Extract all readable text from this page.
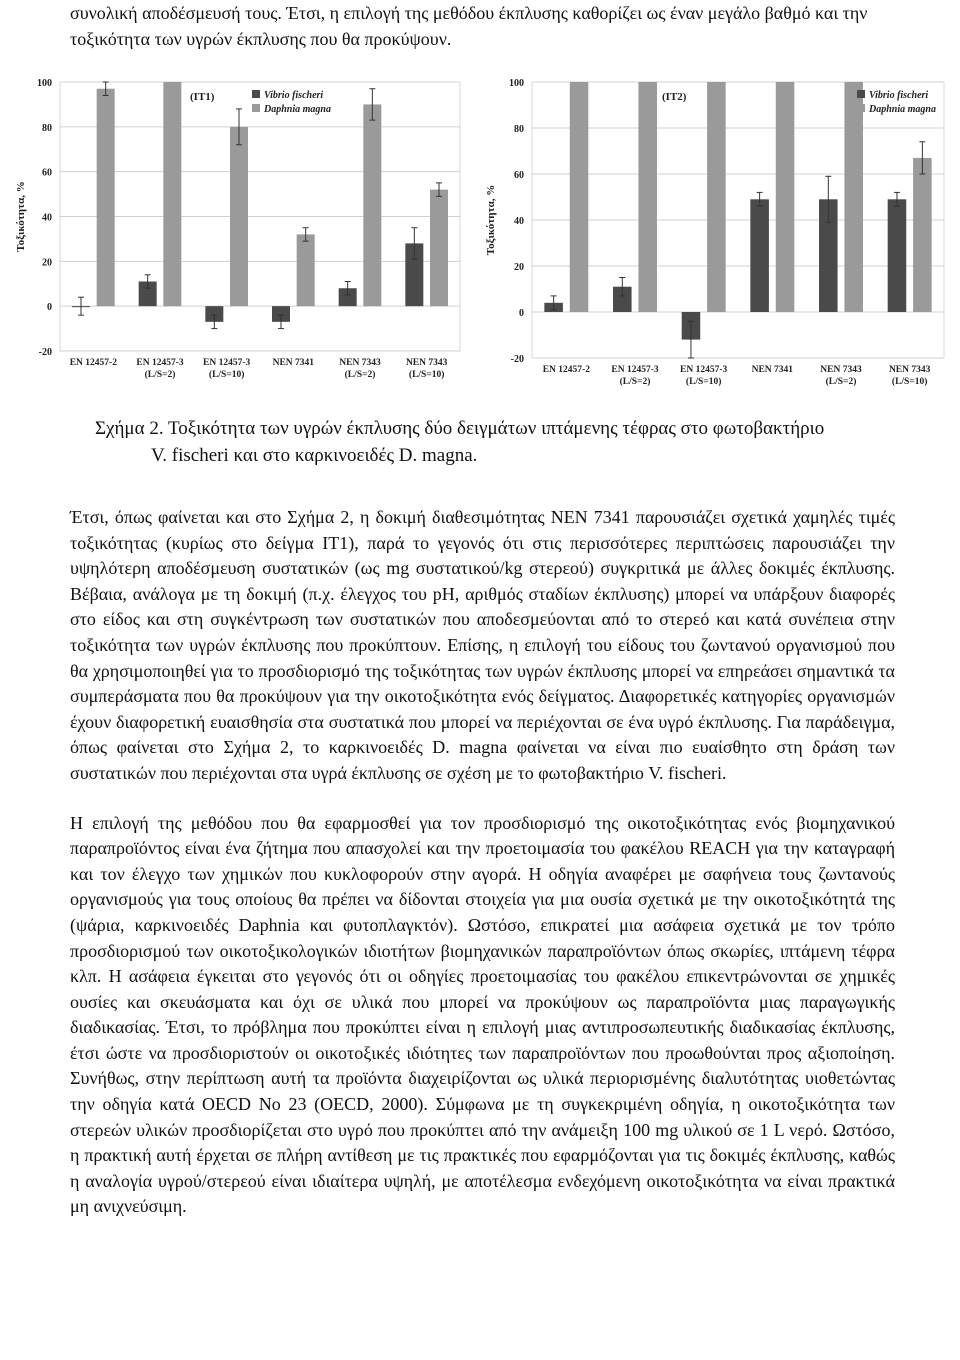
συνολική αποδέσμευσή τους. Έτσι, η επιλογή της μεθόδου έκπλυσης καθορίζει ως έναν μεγάλο βαθμό και την τοξικότητα των υγρών έκπλυσης που θα προκύψουν.
-20
0
20
40
60
80
100
Τοξικότητα, %
EN 12457-2 EN 12457-3
(L/S=2)
EN 12457-3
(L/S=10)
NEN 7341	NEN 7343
(L/S=2)
NEN 7343
(L/S=10)
(IT1)	Vibrio fischeri
Daphnia magna
-20
0
20
40
60
80
100
Τοξικότητα, %
EN 12457-2 EN 12457-3
(L/S=2)
EN 12457-3
(L/S=10)
NEN 7341	NEN 7343
(L/S=2)
NEN 7343
(L/S=10)
(IT2)	Vibrio fischeri
Daphnia magna
Σχήμα 2. Τοξικότητα των υγρών έκπλυσης δύο δειγμάτων ιπτάμενης τέφρας στο φωτοβακτήριο
V. fischeri και στο καρκινοειδές D. magna.

Έτσι, όπως φαίνεται και στο Σχήμα 2, η δοκιμή διαθεσιμότητας NEN 7341 παρουσιάζει σχετικά χαμηλές τιμές τοξικότητας (κυρίως στο δείγμα IT1), παρά το γεγονός ότι στις περισσότερες περιπτώσεις παρουσιάζει την υψηλότερη αποδέσμευση συστατικών (ως mg συστατικού/kg στερεού) συγκριτικά με άλλες δοκιμές έκπλυσης. Βέβαια, ανάλογα με τη δοκιμή (π.χ. έλεγχος του pH, αριθμός σταδίων έκπλυσης) μπορεί να υπάρξουν διαφορές στο είδος και στη συγκέντρωση των συστατικών που αποδεσμεύονται από το στερεό και κατά συνέπεια στην τοξικότητα των υγρών έκπλυσης που προκύπτουν. Επίσης, η επιλογή του είδους του ζωντανού οργανισμού που θα χρησιμοποιηθεί για το προσδιορισμό της τοξικότητας των υγρών έκπλυσης μπορεί να επηρεάσει σημαντικά τα συμπεράσματα που θα προκύψουν για την οικοτοξικότητα ενός δείγματος. Διαφορετικές κατηγορίες οργανισμών έχουν διαφορετική ευαισθησία στα συστατικά που μπορεί να περιέχονται σε ένα υγρό έκπλυσης. Για παράδειγμα, όπως φαίνεται στο Σχήμα 2, το καρκινοειδές D. magna φαίνεται να είναι πιο ευαίσθητο στη δράση των συστατικών που περιέχονται στα υγρά έκπλυσης σε σχέση με το φωτοβακτήριο V. fischeri.

Η επιλογή της μεθόδου που θα εφαρμοσθεί για τον προσδιορισμό της οικοτοξικότητας ενός βιομηχανικού παραπροϊόντος είναι ένα ζήτημα που απασχολεί και την προετοιμασία του φακέλου REACH για την καταγραφή και τον έλεγχο των χημικών που κυκλοφορούν στην αγορά. Η οδηγία αναφέρει με σαφήνεια τους ζωντανούς οργανισμούς για τους οποίους θα πρέπει να δίδονται στοιχεία για μια ουσία σχετικά με την οικοτοξικότητά της (ψάρια, καρκινοειδές Daphnia και φυτοπλαγκτόν). Ωστόσο, επικρατεί μια ασάφεια σχετικά με τον τρόπο προσδιορισμού των οικοτοξικολογικών ιδιοτήτων βιομηχανικών παραπροϊόντων όπως σκωρίες, ιπτάμενη τέφρα κλπ. Η ασάφεια έγκειται στο γεγονός ότι οι οδηγίες προετοιμασίας του φακέλου επικεντρώνονται σε χημικές ουσίες και σκευάσματα και όχι σε υλικά που μπορεί να προκύψουν ως παραπροϊόντα μιας παραγωγικής διαδικασίας. Έτσι, το πρόβλημα που προκύπτει είναι η επιλογή μιας αντιπροσωπευτικής διαδικασίας έκπλυσης, έτσι ώστε να προσδιοριστούν οι οικοτοξικές ιδιότητες των παραπροϊόντων που προωθούνται προς αξιοποίηση. Συνήθως, στην περίπτωση αυτή τα προϊόντα διαχειρίζονται ως υλικά περιορισμένης διαλυτότητας υιοθετώντας την οδηγία κατά OECD No 23 (OECD, 2000). Σύμφωνα με τη συγκεκριμένη οδηγία, η οικοτοξικότητα των στερεών υλικών προσδιορίζεται στο υγρό που προκύπτει από την ανάμειξη 100 mg υλικού σε 1 L νερό. Ωστόσο, η πρακτική αυτή έρχεται σε πλήρη αντίθεση με τις πρακτικές που εφαρμόζονται για τις δοκιμές έκπλυσης, καθώς η αναλογία υγρού/στερεού είναι ιδιαίτερα υψηλή, με αποτέλεσμα ενδεχόμενη οικοτοξικότητα να είναι πρακτικά μη ανιχνεύσιμη.
